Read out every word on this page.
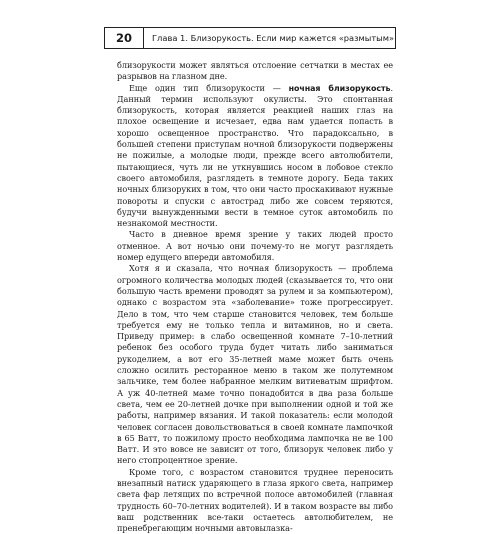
20	Глава 1. Близорукость. Если мир кажется «размытым»

близорукости может являться отслоение сетчатки в местах ее разрывов на глазном дне.

Еще один тип близорукости — ночная близорукость. Данный термин используют окулисты. Это спонтанная близорукость, которая является реакцией наших глаз на плохое освещение и исчезает, едва нам удается попасть в хорошо освещенное пространство. Что парадоксально, в большей степени приступам ночной близорукости подвержены не пожилые, а молодые люди, прежде всего автолюбители, пытающиеся, чуть ли не уткнувшись носом в лобовое стекло своего автомобиля, разглядеть в темноте дорогу. Беда таких ночных близоруких в том, что они часто проскакивают нужные повороты и спуски с автострад либо же совсем теряются, будучи вынужденными вести в темное суток автомобиль по незнакомой местности.

Часто в дневное время зрение у таких людей просто отменное. А вот ночью они почему-то не могут разглядеть номер едущего впереди автомобиля.

Хотя я и сказала, что ночная близорукость — проблема огромного количества молодых людей (сказывается то, что они большую часть времени проводят за рулем и за компьютером), однако с возрастом эта «заболевание» тоже прогрессирует. Дело в том, что чем старше становится человек, тем больше требуется ему не только тепла и витаминов, но и света. Приведу пример: в слабо освещенной комнате 7–10-летний ребенок без особого труда будет читать либо заниматься рукоделием, а вот его 35-летней маме может быть очень сложно осилить ресторанное меню в таком же полутемном зальчике, тем более набранное мелким витиеватым шрифтом. А уж 40-летней маме точно понадобится в два раза больше света, чем ее 20-летней дочке при выполнении одной и той же работы, например вязания. И такой показатель: если молодой человек согласен довольствоваться в своей комнате лампочкой в 65 Ватт, то пожилому просто необходима лампочка не ве 100 Ватт. И это вовсе не зависит от того, близорук человек либо у него стопроцентное зрение.

Кроме того, с возрастом становится труднее переносить внезапный натиск ударяющего в глаза яркого света, например света фар летящих по встречной полосе автомобилей (главная трудность 60–70-летних водителей). И в таком возрасте вы либо ваш родственник все-таки остаетесь автолюбителем, не пренебрегающим ночными автовылазка-
